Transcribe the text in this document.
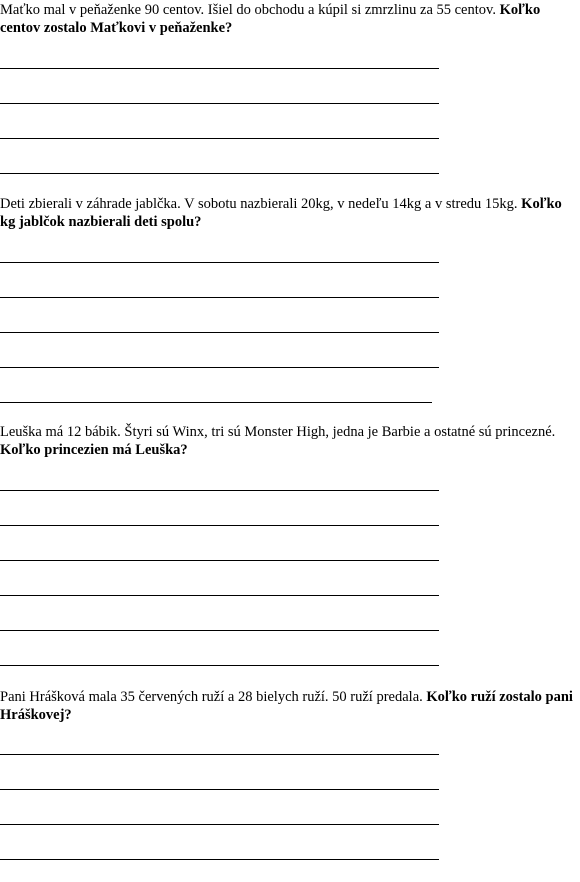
Maťko mal v peňaženke 90 centov. Išiel do obchodu a kúpil si zmrzlinu za 55 centov. Koľko centov zostalo Maťkovi v peňaženke?

Deti zbierali v záhrade jablčka. V sobotu nazbierali 20kg, v nedeľu 14kg a v stredu 15kg. Koľko kg jablčok nazbierali deti spolu?

Leuška má 12 bábik. Štyri sú Winx, tri sú Monster High, jedna je Barbie a ostatné sú princezné. Koľko princezien má Leuška?

Pani Hrášková mala 35 červených ruží a 28 bielych ruží. 50 ruží predala. Koľko ruží zostalo pani Hráškovej?
